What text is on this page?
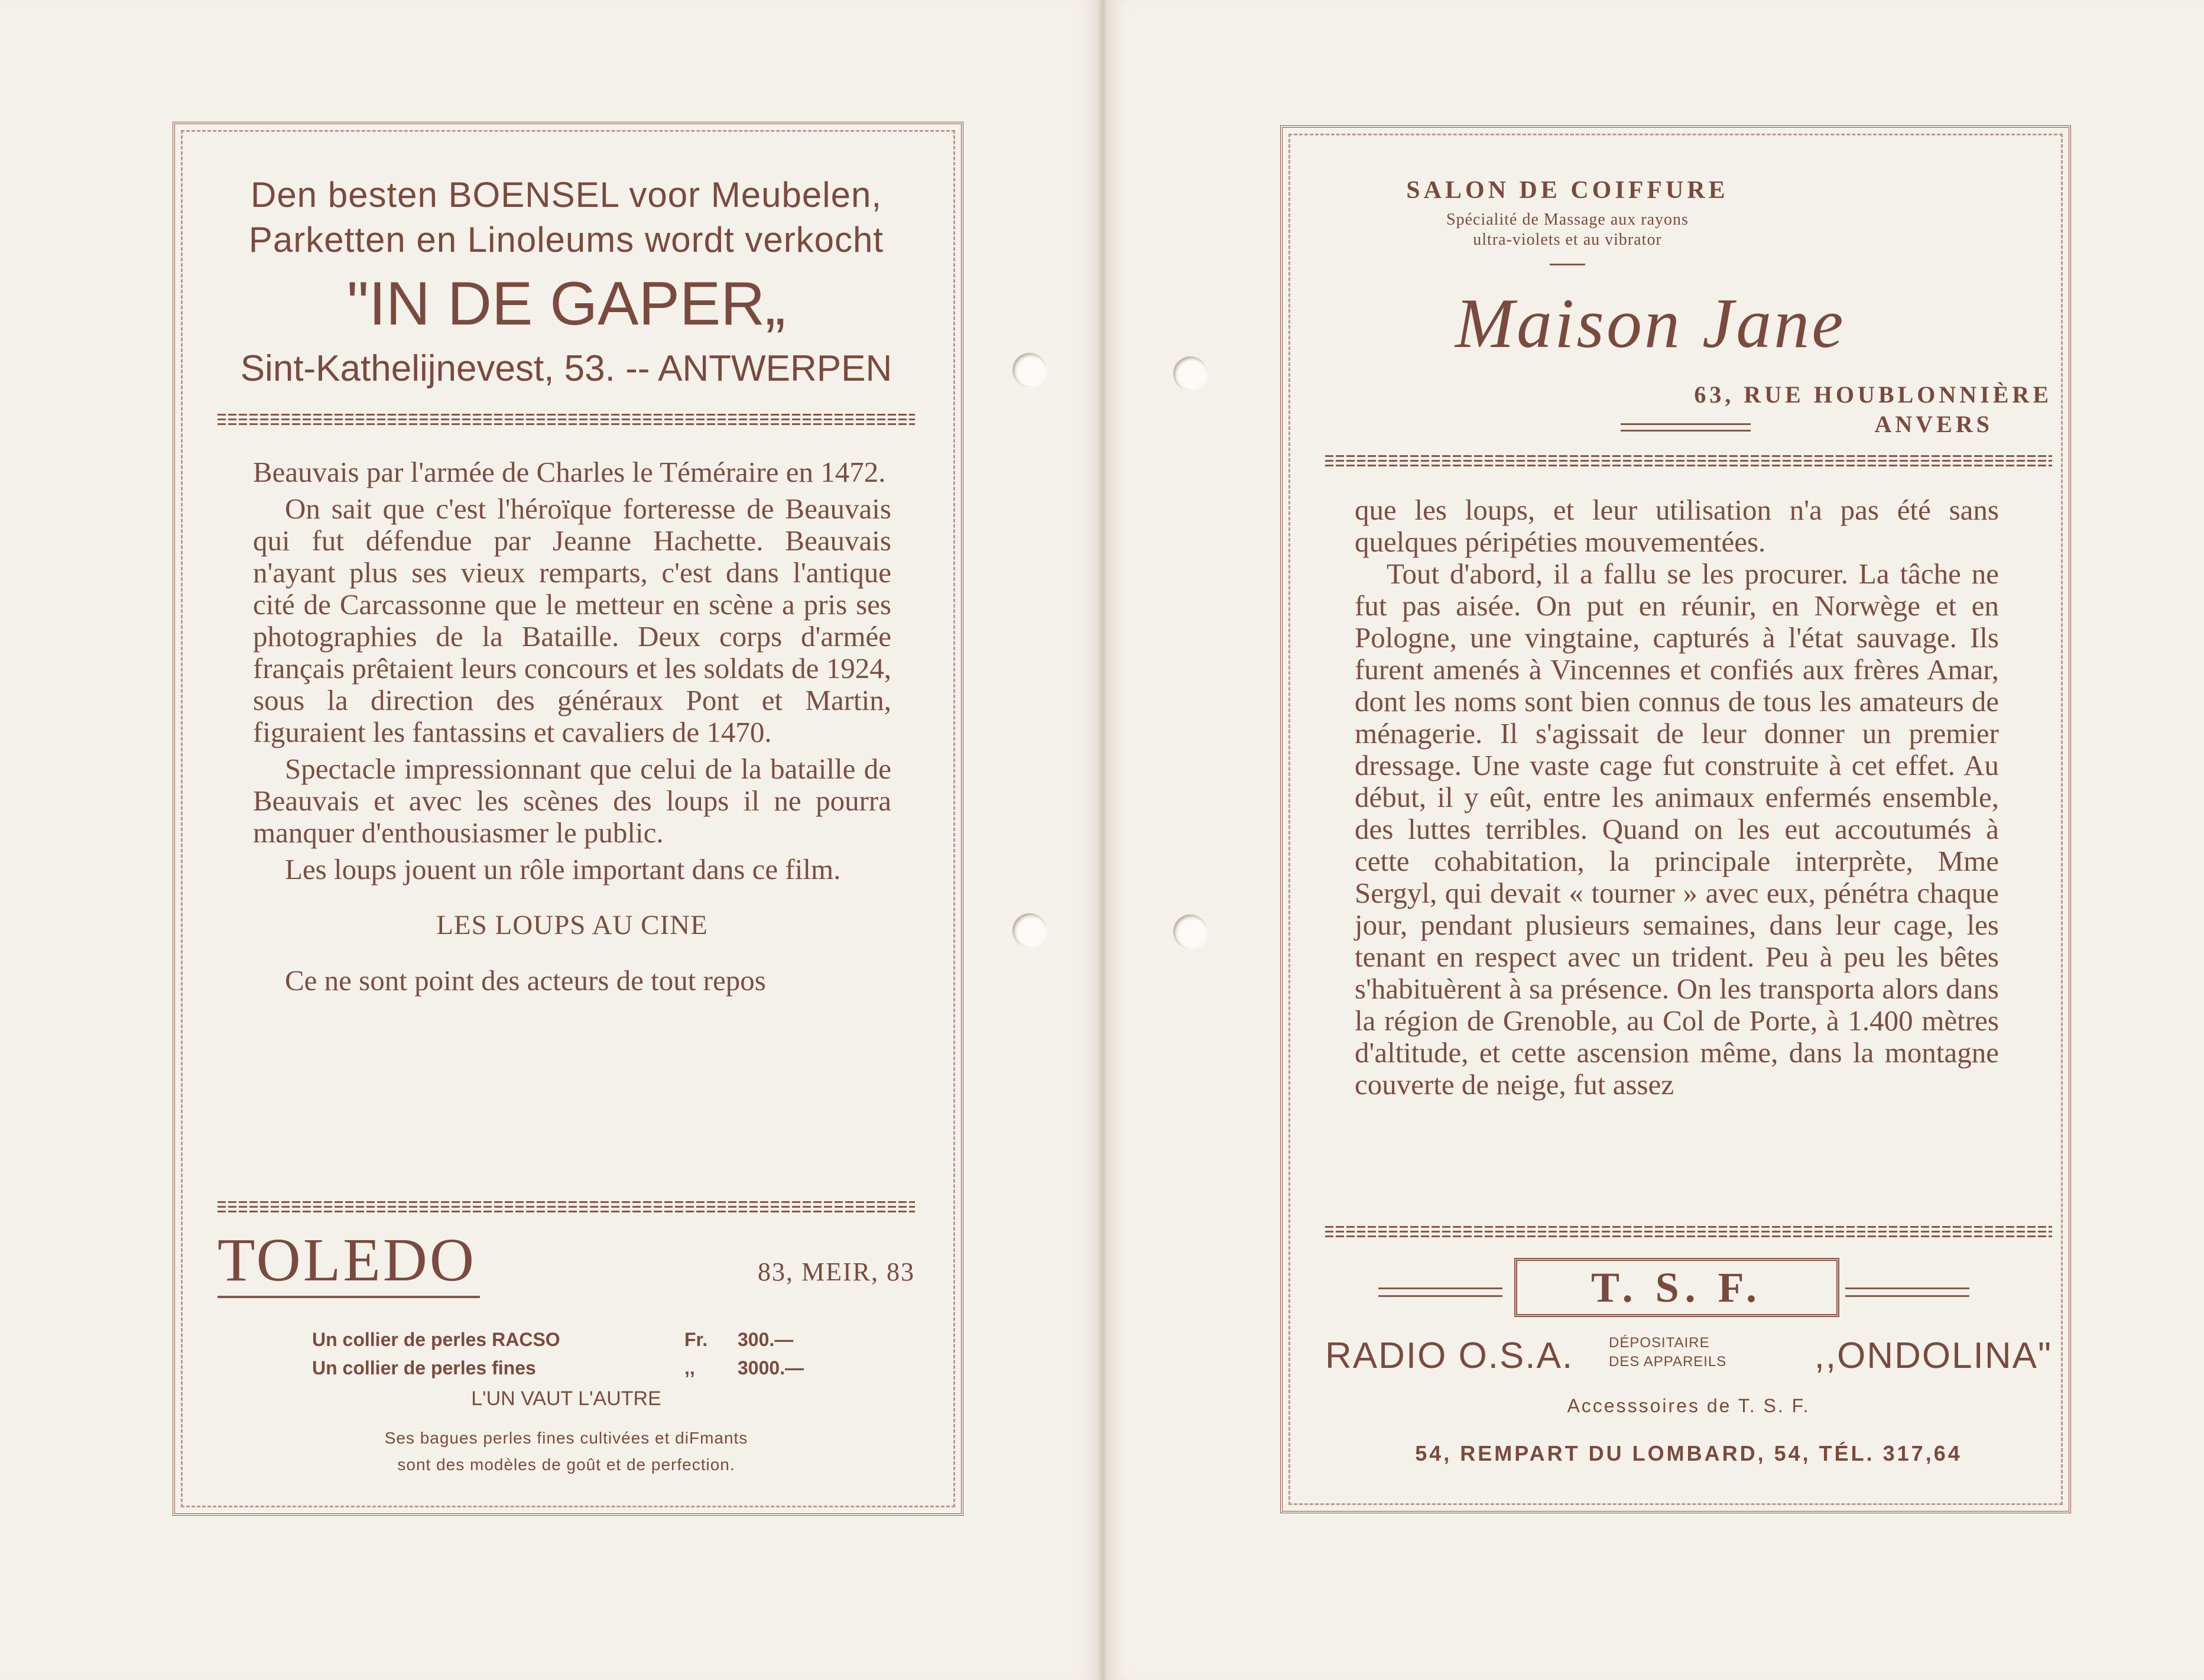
Den besten BOENSEL voor Meubelen,

Parketten en Linoleums wordt verkocht

"IN DE GAPER„

Sint-Kathelijnevest, 53. -- ANTWERPEN

Beauvais par l'armée de Charles le Téméraire en 1472.

On sait que c'est l'héroïque forteresse de Beauvais qui fut défendue par Jeanne Hachette. Beauvais n'ayant plus ses vieux remparts, c'est dans l'antique cité de Carcassonne que le metteur en scène a pris ses photographies de la Bataille. Deux corps d'armée français prêtaient leurs concours et les soldats de 1924, sous la direction des généraux Pont et Martin, figuraient les fantassins et cavaliers de 1470.

Spectacle impressionnant que celui de la bataille de Beauvais et avec les scènes des loups il ne pourra manquer d'enthousiasmer le public.

Les loups jouent un rôle important dans ce film.

LES LOUPS AU CINE

Ce ne sont point des acteurs de tout repos

TOLEDO	83, MEIR, 83
Un collier de perles RACSO
Un collier de perles fines
Fr.
,,
300.—
3000.—
L'UN VAUT L'AUTRE
Ses bagues perles fines cultivées et diFmants
sont des modèles de goût et de perfection.
SALON DE COIFFURE
Spécialité de Massage aux rayons
ultra-violets et au vibrator
Maison Jane
63, RUE HOUBLONNIÈRE
ANVERS

que les loups, et leur utilisation n'a pas été sans quelques péripéties mouvementées.

Tout d'abord, il a fallu se les procurer. La tâche ne fut pas aisée. On put en réunir, en Norwège et en Pologne, une vingtaine, capturés à l'état sauvage. Ils furent amenés à Vincennes et confiés aux frères Amar, dont les noms sont bien connus de tous les amateurs de ménagerie. Il s'agissait de leur donner un premier dressage. Une vaste cage fut construite à cet effet. Au début, il y eût, entre les animaux enfermés ensemble, des luttes terribles. Quand on les eut accoutumés à cette cohabitation, la principale interprète, Mme Sergyl, qui devait « tourner » avec eux, pénétra chaque jour, pendant plusieurs semaines, dans leur cage, les tenant en respect avec un trident. Peu à peu les bêtes s'habituèrent à sa présence. On les transporta alors dans la région de Grenoble, au Col de Porte, à 1.400 mètres d'altitude, et cette ascension même, dans la montagne couverte de neige, fut assez

T. S. F.
RADIO O.S.A. DÉPOSITAIRE
DES APPAREILS ,,ONDOLINA"
Accesssoires de T. S. F.
54, REMPART DU LOMBARD, 54, TÉL. 317,64
